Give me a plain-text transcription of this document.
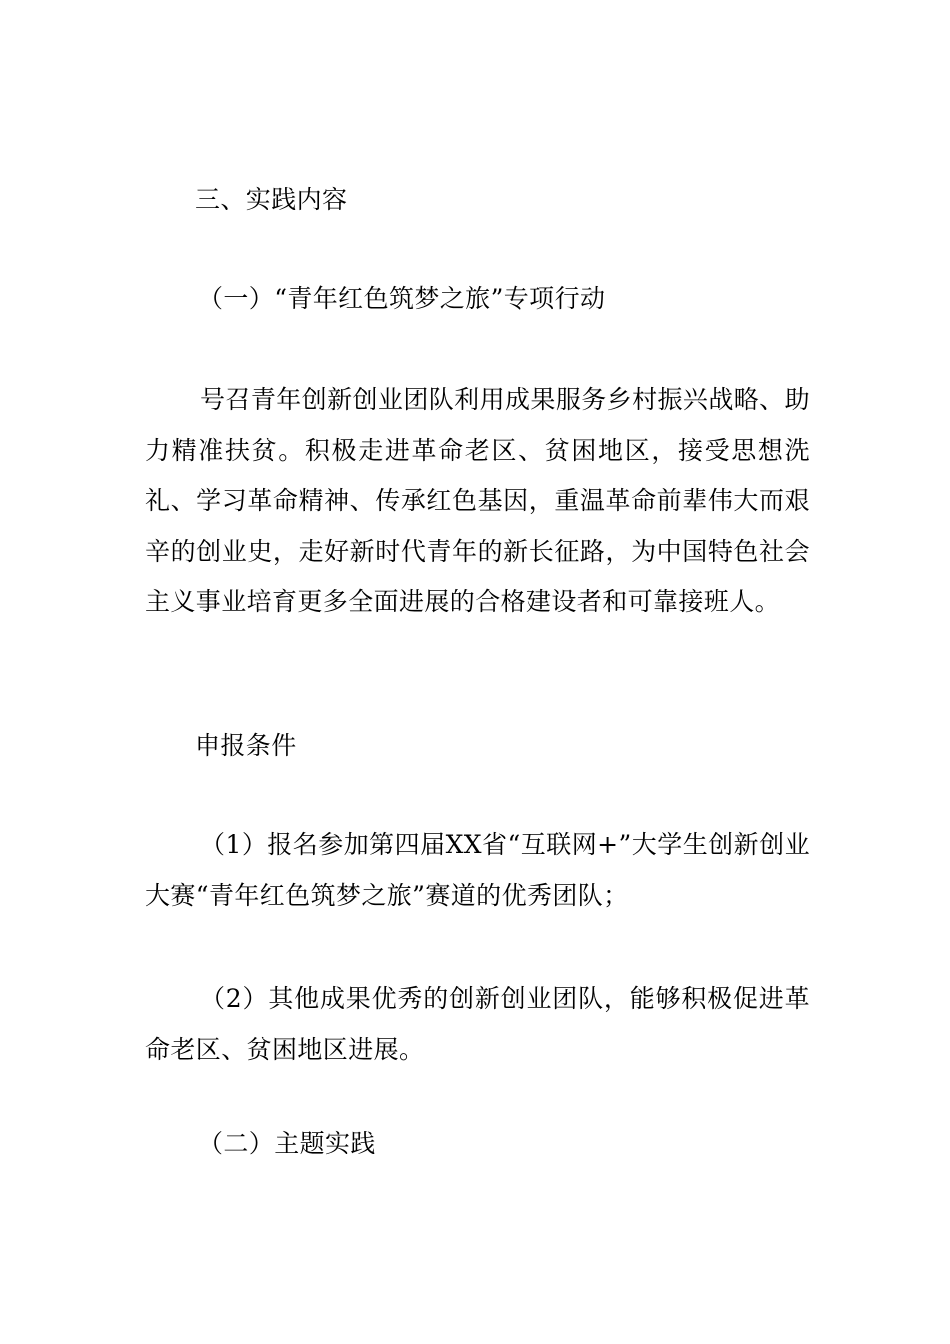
三、实践内容
（一）“青年红色筑梦之旅”专项行动
号召青年创新创业团队利用成果服务乡村振兴战略、助力精准扶贫。积极走进革命老区、贫困地区，接受思想洗礼、学习革命精神、传承红色基因，重温革命前辈伟大而艰辛的创业史，走好新时代青年的新长征路，为中国特色社会主义事业培育更多全面进展的合格建设者和可靠接班人。
申报条件
（1）报名参加第四届XX省“互联网+”大学生创新创业大赛“青年红色筑梦之旅”赛道的优秀团队；
（2）其他成果优秀的创新创业团队，能够积极促进革命老区、贫困地区进展。
（二）主题实践
